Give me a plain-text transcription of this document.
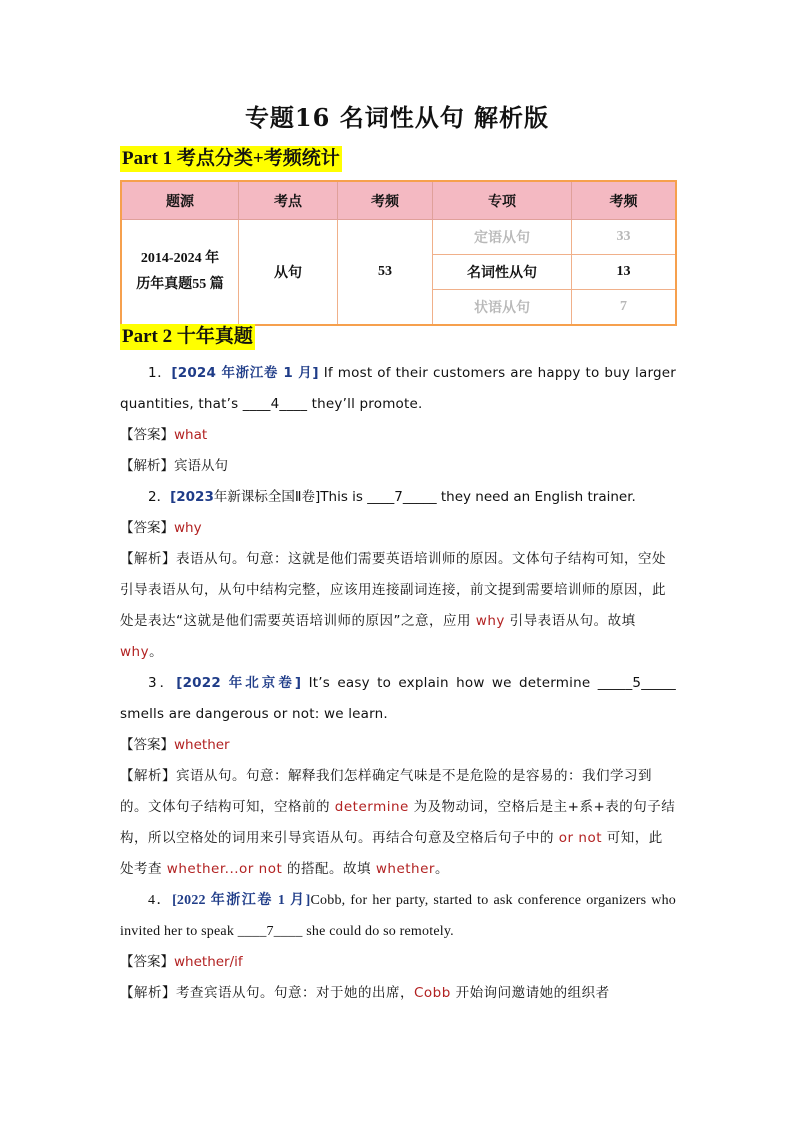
专题16 名词性从句 解析版
Part 1 考点分类+考频统计
题源	考点	考频	专项	考频
2014-2024 年
历年真题55 篇	从句	53	定语从句	33
			名词性从句	13
			状语从句	7
Part 2 十年真题

1．[2024 年浙江卷 1 月] If most of their customers are happy to buy larger quantities, that’s ____4____ they’ll promote.

【答案】what

【解析】宾语从句

2．[2023年新课标全国Ⅱ卷]This is ____7_____ they need an English trainer.

【答案】why

【解析】表语从句。句意：这就是他们需要英语培训师的原因。文体句子结构可知，空处引导表语从句，从句中结构完整，应该用连接副词连接，前文提到需要培训师的原因，此处是表达“这就是他们需要英语培训师的原因”之意，应用 why 引导表语从句。故填 why。

3．[2022 年北京卷] It’s easy to explain how we determine _____5_____ smells are dangerous or not: we learn.

【答案】whether

【解析】宾语从句。句意：解释我们怎样确定气味是不是危险的是容易的：我们学习到的。文体句子结构可知，空格前的 determine 为及物动词，空格后是主+系+表的句子结构，所以空格处的词用来引导宾语从句。再结合句意及空格后句子中的 or not 可知，此处考查 whether...or not 的搭配。故填 whether。

4．[2022 年浙江卷 1 月]Cobb, for her party, started to ask conference organizers who invited her to speak ____7____ she could do so remotely.

【答案】whether/if

【解析】考查宾语从句。句意：对于她的出席，Cobb 开始询问邀请她的组织者
